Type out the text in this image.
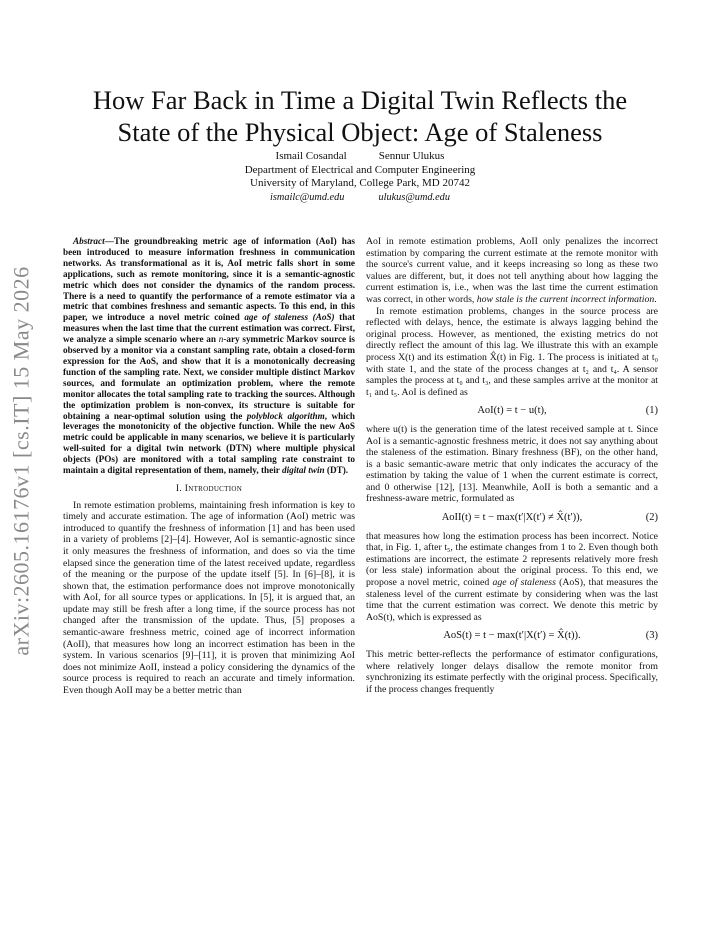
arXiv:2605.16176v1 [cs.IT] 15 May 2026
How Far Back in Time a Digital Twin Reflects the
State of the Physical Object: Age of Staleness
Ismail Cosandal	Sennur Ulukus
Department of Electrical and Computer Engineering
University of Maryland, College Park, MD 20742
ismailc@umd.edu	ulukus@umd.edu

Abstract—The groundbreaking metric age of information (AoI) has been introduced to measure information freshness in communication networks. As transformational as it is, AoI metric falls short in some applications, such as remote monitoring, since it is a semantic-agnostic metric which does not consider the dynamics of the random process. There is a need to quantify the performance of a remote estimator via a metric that combines freshness and semantic aspects. To this end, in this paper, we introduce a novel metric coined age of staleness (AoS) that measures when the last time that the current estimation was correct. First, we analyze a simple scenario where an n-ary symmetric Markov source is observed by a monitor via a constant sampling rate, obtain a closed-form expression for the AoS, and show that it is a monotonically decreasing function of the sampling rate. Next, we consider multiple distinct Markov sources, and formulate an optimization problem, where the remote monitor allocates the total sampling rate to tracking the sources. Although the optimization problem is non-convex, its structure is suitable for obtaining a near-optimal solution using the polyblock algorithm, which leverages the monotonicity of the objective function. While the new AoS metric could be applicable in many scenarios, we believe it is particularly well-suited for a digital twin network (DTN) where multiple physical objects (POs) are monitored with a total sampling rate constraint to maintain a digital representation of them, namely, their digital twin (DT).

I. Introduction

In remote estimation problems, maintaining fresh information is key to timely and accurate estimation. The age of information (AoI) metric was introduced to quantify the freshness of information [1] and has been used in a variety of problems [2]–[4]. However, AoI is semantic-agnostic since it only measures the freshness of information, and does so via the time elapsed since the generation time of the latest received update, regardless of the meaning or the purpose of the update itself [5]. In [6]–[8], it is shown that, the estimation performance does not improve monotonically with AoI, for all source types or applications. In [5], it is argued that, an update may still be fresh after a long time, if the source process has not changed after the transmission of the update. Thus, [5] proposes a semantic-aware freshness metric, coined age of incorrect information (AoII), that measures how long an incorrect estimation has been in the system. In various scenarios [9]–[11], it is proven that minimizing AoI does not minimize AoII, instead a policy considering the dynamics of the source process is required to reach an accurate and timely information. Even though AoII may be a better metric than

AoI in remote estimation problems, AoII only penalizes the incorrect estimation by comparing the current estimate at the remote monitor with the source's current value, and it keeps increasing so long as these two values are different, but, it does not tell anything about how lagging the current estimation is, i.e., when was the last time the current estimation was correct, in other words, how stale is the current incorrect information.

In remote estimation problems, changes in the source process are reflected with delays, hence, the estimate is always lagging behind the original process. However, as mentioned, the existing metrics do not directly reflect the amount of this lag. We illustrate this with an example process X(t) and its estimation X̂(t) in Fig. 1. The process is initiated at t₀ with state 1, and the state of the process changes at t₂ and t₄. A sensor samples the process at t₀ and t₃, and these samples arrive at the monitor at t₁ and t₅. AoI is defined as

AoI(t) = t − u(t),	(1)

where u(t) is the generation time of the latest received sample at t. Since AoI is a semantic-agnostic freshness metric, it does not say anything about the staleness of the estimation. Binary freshness (BF), on the other hand, is a basic semantic-aware metric that only indicates the accuracy of the estimation by taking the value of 1 when the current estimate is correct, and 0 otherwise [12], [13]. Meanwhile, AoII is both a semantic and a freshness-aware metric, formulated as

AoII(t) = t − max(t′|X(t′) ≠ X̂(t′)),	(2)

that measures how long the estimation process has been incorrect. Notice that, in Fig. 1, after t₅, the estimate changes from 1 to 2. Even though both estimations are incorrect, the estimate 2 represents relatively more fresh (or less stale) information about the original process. To this end, we propose a novel metric, coined age of staleness (AoS), that measures the staleness level of the current estimate by considering when was the last time that the current estimation was correct. We denote this metric by AoS(t), which is expressed as

AoS(t) = t − max(t′|X(t′) = X̂(t)).	(3)

This metric better-reflects the performance of estimator configurations, where relatively longer delays disallow the remote monitor from synchronizing its estimate perfectly with the original process. Specifically, if the process changes frequently
